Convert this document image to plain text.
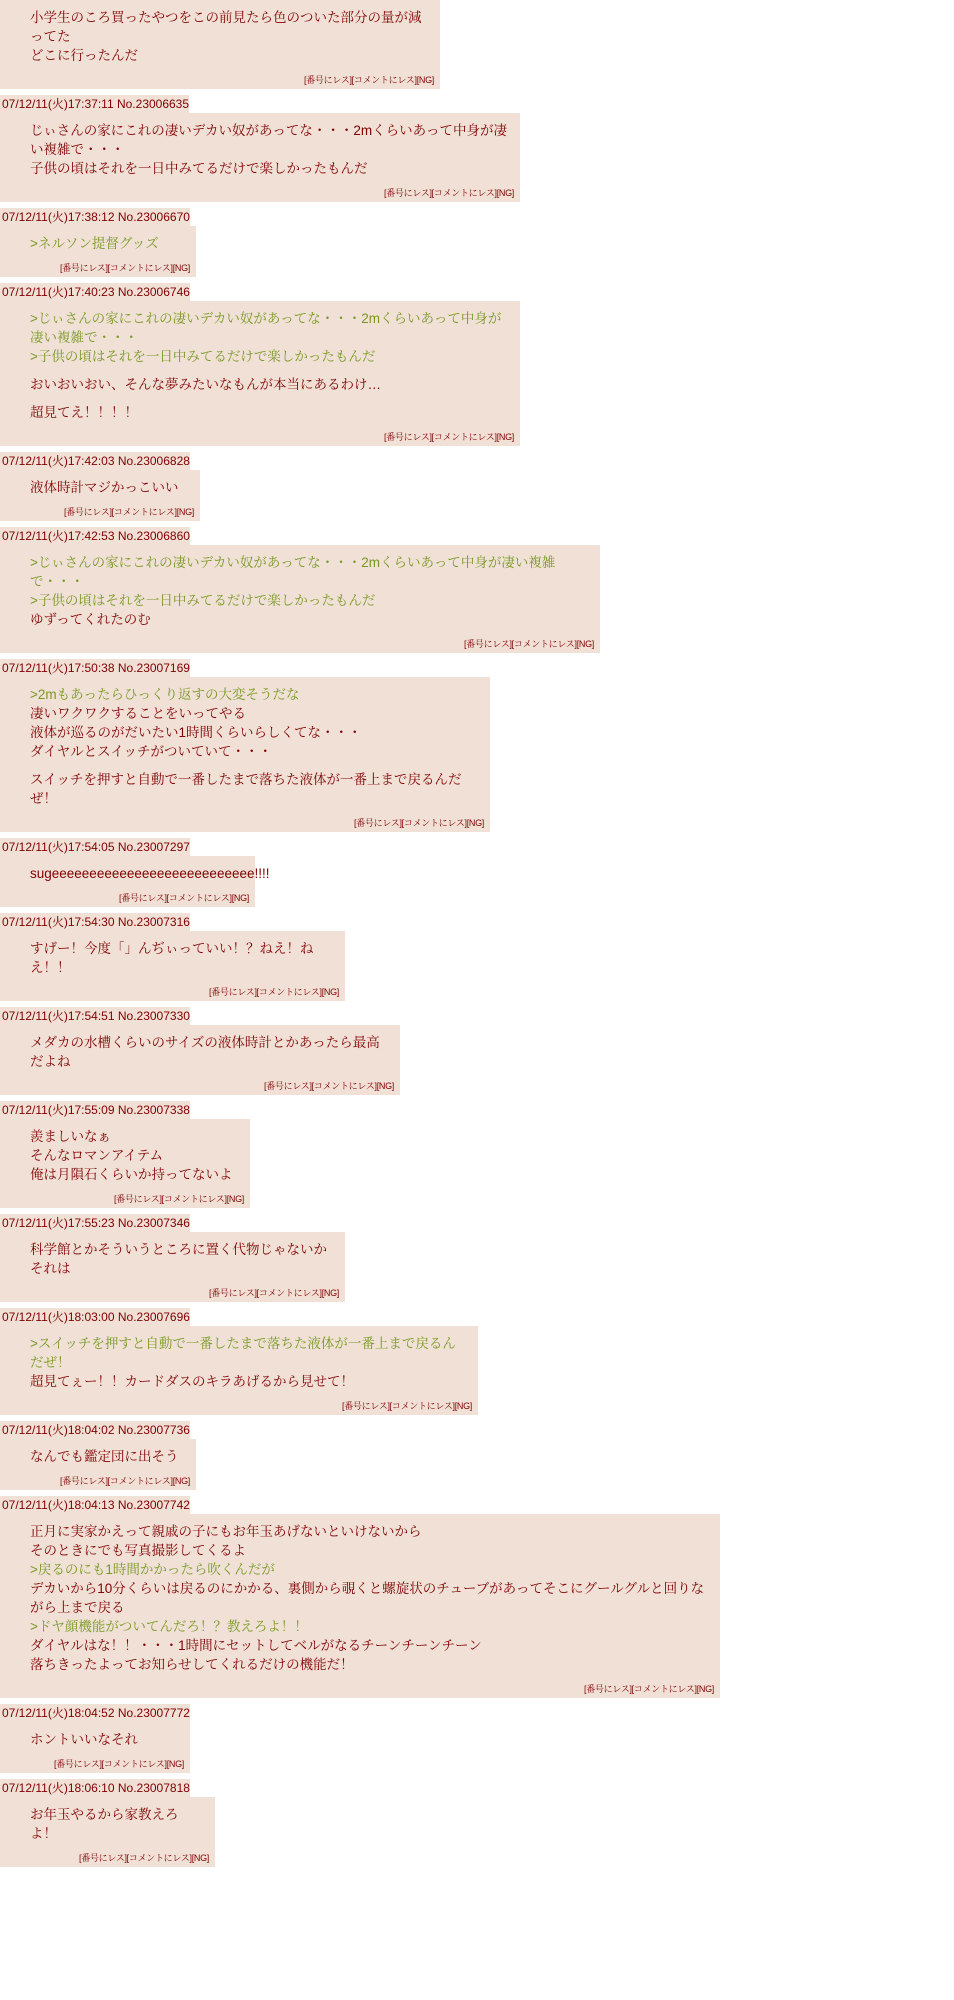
小学生のころ買ったやつをこの前見たら色のついた部分の量が減ってた
どこに行ったんだ
[番号にレス][コメントにレス][NG]
07/12/11(火)17:37:11 No.23006635
じぃさんの家にこれの凄いデカい奴があってな・・・2mくらいあって中身が凄い複雑で・・・
子供の頃はそれを一日中みてるだけで楽しかったもんだ
[番号にレス][コメントにレス][NG]
07/12/11(火)17:38:12 No.23006670
>ネルソン提督グッズ
[番号にレス][コメントにレス][NG]
07/12/11(火)17:40:23 No.23006746
>じぃさんの家にこれの凄いデカい奴があってな・・・2mくらいあって中身が凄い複雑で・・・
>子供の頃はそれを一日中みてるだけで楽しかったもんだ

おいおいおい、そんな夢みたいなもんが本当にあるわけ…

超見てえ！！！！
[番号にレス][コメントにレス][NG]
07/12/11(火)17:42:03 No.23006828
液体時計マジかっこいい
[番号にレス][コメントにレス][NG]
07/12/11(火)17:42:53 No.23006860
>じぃさんの家にこれの凄いデカい奴があってな・・・2mくらいあって中身が凄い複雑で・・・
>子供の頃はそれを一日中みてるだけで楽しかったもんだ
ゆずってくれたのむ
[番号にレス][コメントにレス][NG]
07/12/11(火)17:50:38 No.23007169
>2mもあったらひっくり返すの大変そうだな
凄いワクワクすることをいってやる
液体が巡るのがだいたい1時間くらいらしくてな・・・
ダイヤルとスイッチがついていて・・・

スイッチを押すと自動で一番したまで落ちた液体が一番上まで戻るんだぜ！
[番号にレス][コメントにレス][NG]
07/12/11(火)17:54:05 No.23007297
sugeeeeeeeeeeeeeeeeeeeeeeeeeee!!!!
[番号にレス][コメントにレス][NG]
07/12/11(火)17:54:30 No.23007316
すげー！今度「」んぢぃっていい！？ねえ！ねえ！！
[番号にレス][コメントにレス][NG]
07/12/11(火)17:54:51 No.23007330
メダカの水槽くらいのサイズの液体時計とかあったら最高だよね
[番号にレス][コメントにレス][NG]
07/12/11(火)17:55:09 No.23007338
羨ましいなぁ
そんなロマンアイテム
俺は月隕石くらいか持ってないよ
[番号にレス][コメントにレス][NG]
07/12/11(火)17:55:23 No.23007346
科学館とかそういうところに置く代物じゃないかそれは
[番号にレス][コメントにレス][NG]
07/12/11(火)18:03:00 No.23007696
>スイッチを押すと自動で一番したまで落ちた液体が一番上まで戻るんだぜ！
超見てぇー！！カードダスのキラあげるから見せて！
[番号にレス][コメントにレス][NG]
07/12/11(火)18:04:02 No.23007736
なんでも鑑定団に出そう
[番号にレス][コメントにレス][NG]
07/12/11(火)18:04:13 No.23007742
正月に実家かえって親戚の子にもお年玉あげないといけないから
そのときにでも写真撮影してくるよ
>戻るのにも1時間かかったら吹くんだが
デカいから10分くらいは戻るのにかかる、裏側から覗くと螺旋状のチューブがあってそこにグールグルと回りながら上まで戻る
>ドヤ顔機能がついてんだろ！？教えろよ！！
ダイヤルはな！！・・・1時間にセットしてベルがなるチーンチーンチーン
落ちきったよってお知らせしてくれるだけの機能だ！
[番号にレス][コメントにレス][NG]
07/12/11(火)18:04:52 No.23007772
ホントいいなそれ
[番号にレス][コメントにレス][NG]
07/12/11(火)18:06:10 No.23007818
お年玉やるから家教えろよ！
[番号にレス][コメントにレス][NG]
